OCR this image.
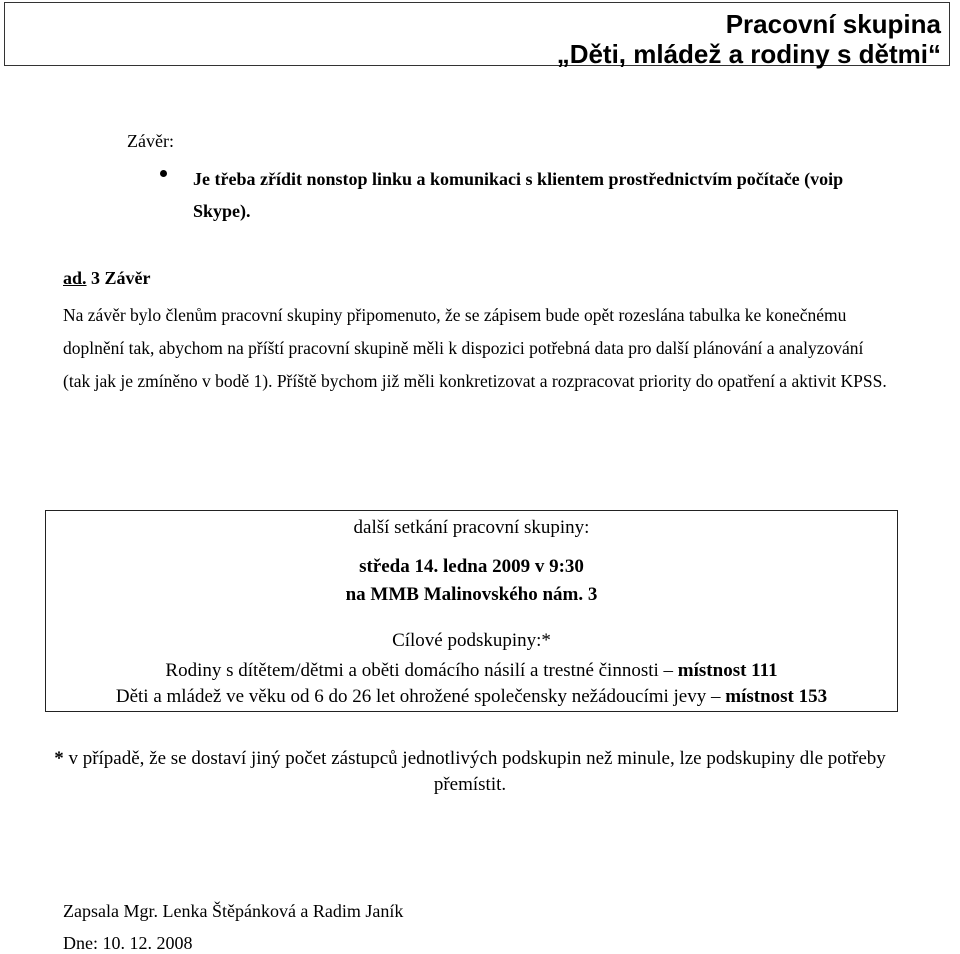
Pracovní skupina
„Děti, mládež a rodiny s dětmi“
Závěr:
Je třeba zřídit nonstop linku a komunikaci s klientem prostřednictvím počítače (voip Skype).
ad. 3 Závěr
Na závěr bylo členům pracovní skupiny připomenuto, že se zápisem bude opět rozeslána tabulka ke konečnému doplnění tak, abychom na příští pracovní skupině měli k dispozici potřebná data pro další plánování a analyzování (tak jak je zmíněno v bodě 1). Příště bychom již měli konkretizovat a rozpracovat priority do opatření a aktivit KPSS.
další setkání pracovní skupiny:
středa 14. ledna 2009 v 9:30
na MMB Malinovského nám. 3
Cílové podskupiny:*
Rodiny s dítětem/dětmi a oběti domácího násilí a trestné činnosti – místnost 111
Děti a mládež ve věku od 6 do 26 let ohrožené společensky nežádoucími jevy – místnost 153
* v případě, že se dostaví jiný počet zástupců jednotlivých podskupin než minule, lze podskupiny dle potřeby přemístit.
Zapsala Mgr. Lenka Štěpánková a Radim Janík
Dne: 10. 12. 2008
